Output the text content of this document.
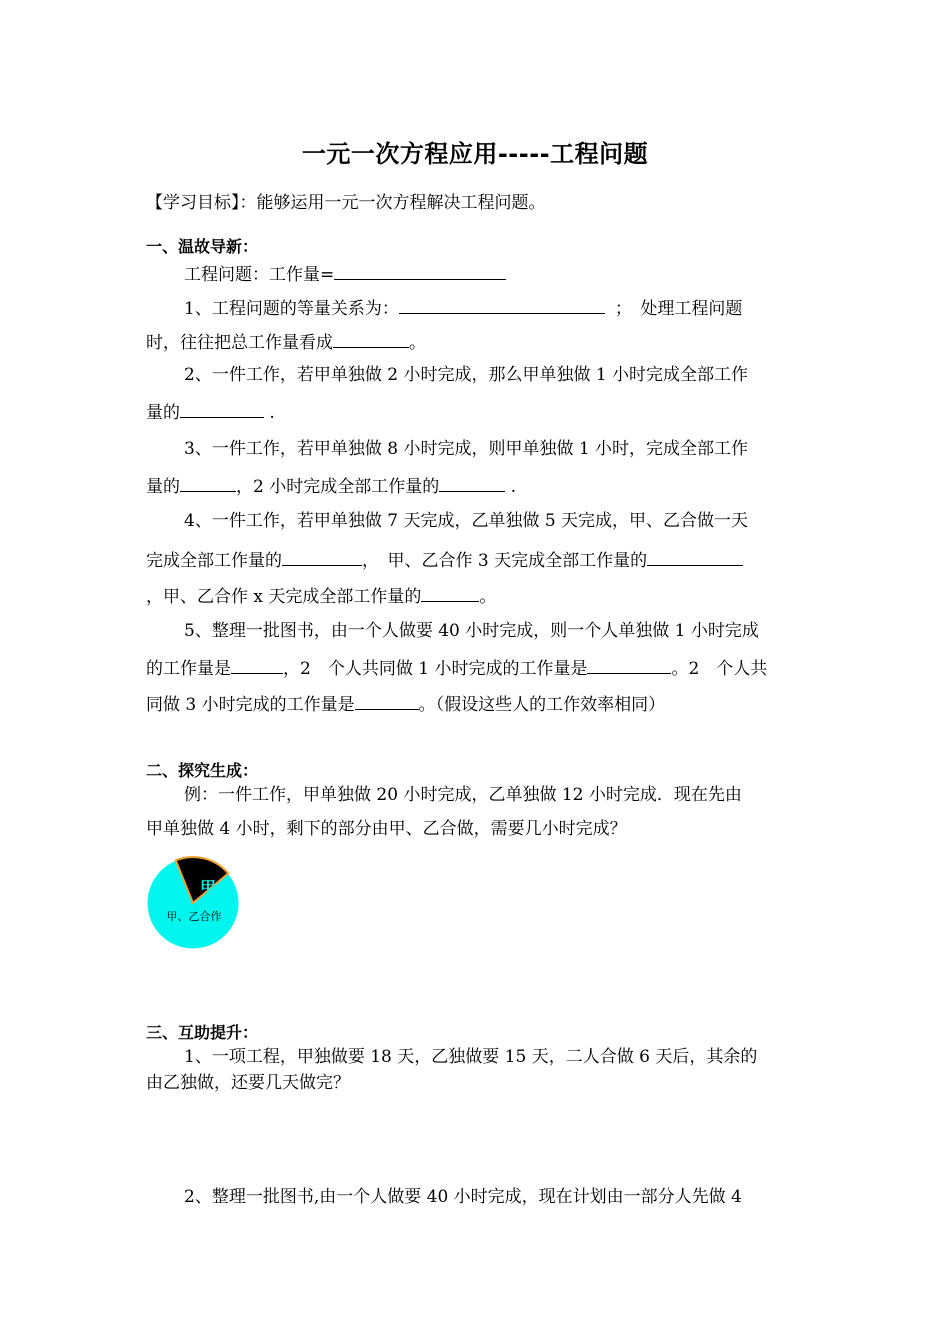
一元一次方程应用-----工程问题
【学习目标】：能够运用一元一次方程解决工程问题。
一、温故导新：
工程问题：工作量=
1、工程问题的等量关系为：	；　处理工程问题
时，往往把总工作量看成	。
2、一件工作，若甲单独做 2 小时完成，那么甲单独做 1 小时完成全部工作
量的	.
3、一件工作，若甲单独做 8 小时完成，则甲单独做 1 小时，完成全部工作
量的	，2 小时完成全部工作量的	.
4、一件工作，若甲单独做 7 天完成，乙单独做 5 天完成，甲、乙合做一天
完成全部工作量的	，　甲、乙合作 3 天完成全部工作量的
，甲、乙合作 x 天完成全部工作量的	。
5、整理一批图书，由一个人做要 40 小时完成，则一个人单独做 1 小时完成
的工作量是	，2　个人共同做 1 小时完成的工作量是	。2　个人共
同做 3 小时完成的工作量是	。（假设这些人的工作效率相同）
二、探究生成：
例：一件工作，甲单独做 20 小时完成，乙单独做 12 小时完成．现在先由
甲单独做 4 小时，剩下的部分由甲、乙合做，需要几小时完成？
甲
甲、乙合作
三、互助提升：
1、一项工程，甲独做要 18 天，乙独做要 15 天，二人合做 6 天后，其余的
由乙独做，还要几天做完？
2、整理一批图书,由一个人做要 40 小时完成，现在计划由一部分人先做 4
